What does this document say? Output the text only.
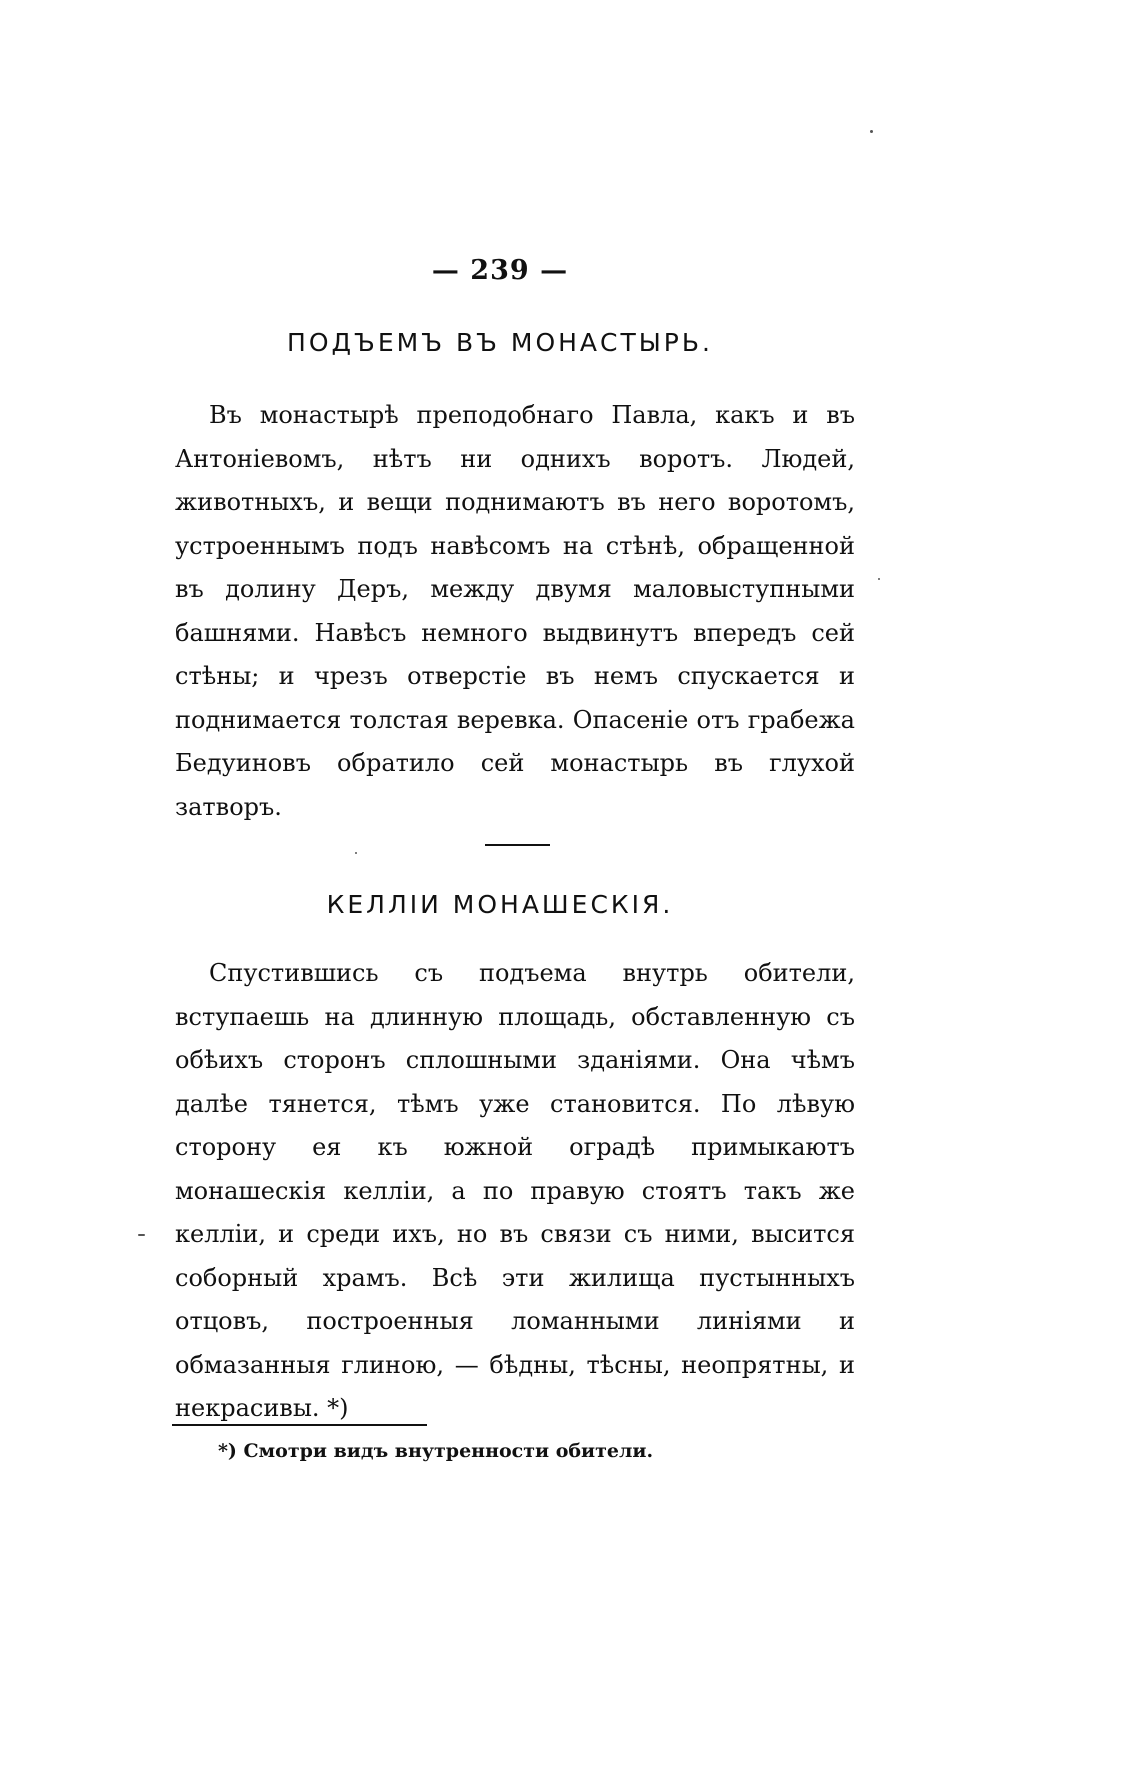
— 239 —
ПОДЪЕМЪ ВЪ МОНАСТЫРЬ.

Въ монастырѣ преподобнаго Павла, какъ и въ Антоніевомъ, нѣтъ ни однихъ воротъ. Людей, животныхъ, и вещи поднимаютъ въ него воротомъ, устроеннымъ подъ навѣсомъ на стѣнѣ, обращенной въ долину Деръ, между двумя маловыступными башнями. Навѣсъ немного выдвинутъ впередъ сей стѣны; и чрезъ отверстіе въ немъ спускается и поднимается толстая веревка. Опасеніе отъ грабежа Бедуиновъ обратило сей монастырь въ глухой затворъ.

КЕЛЛІИ МОНАШЕСКІЯ.

Спустившись съ подъема внутрь обители, вступаешь на длинную площадь, обставленную съ обѣихъ сторонъ сплошными зданіями. Она чѣмъ далѣе тянется, тѣмъ уже становится. По лѣвую сторону ея къ южной оградѣ примыкаютъ монашескія келліи, а по правую стоятъ такъ же келліи, и среди ихъ, но въ связи съ ними, высится соборный храмъ. Всѣ эти жилища пустынныхъ отцовъ, построенныя ломанными линіями и обмазанныя глиною, — бѣдны, тѣсны, неопрятны, и некрасивы. *)

*) Смотри видъ внутренности обители.
